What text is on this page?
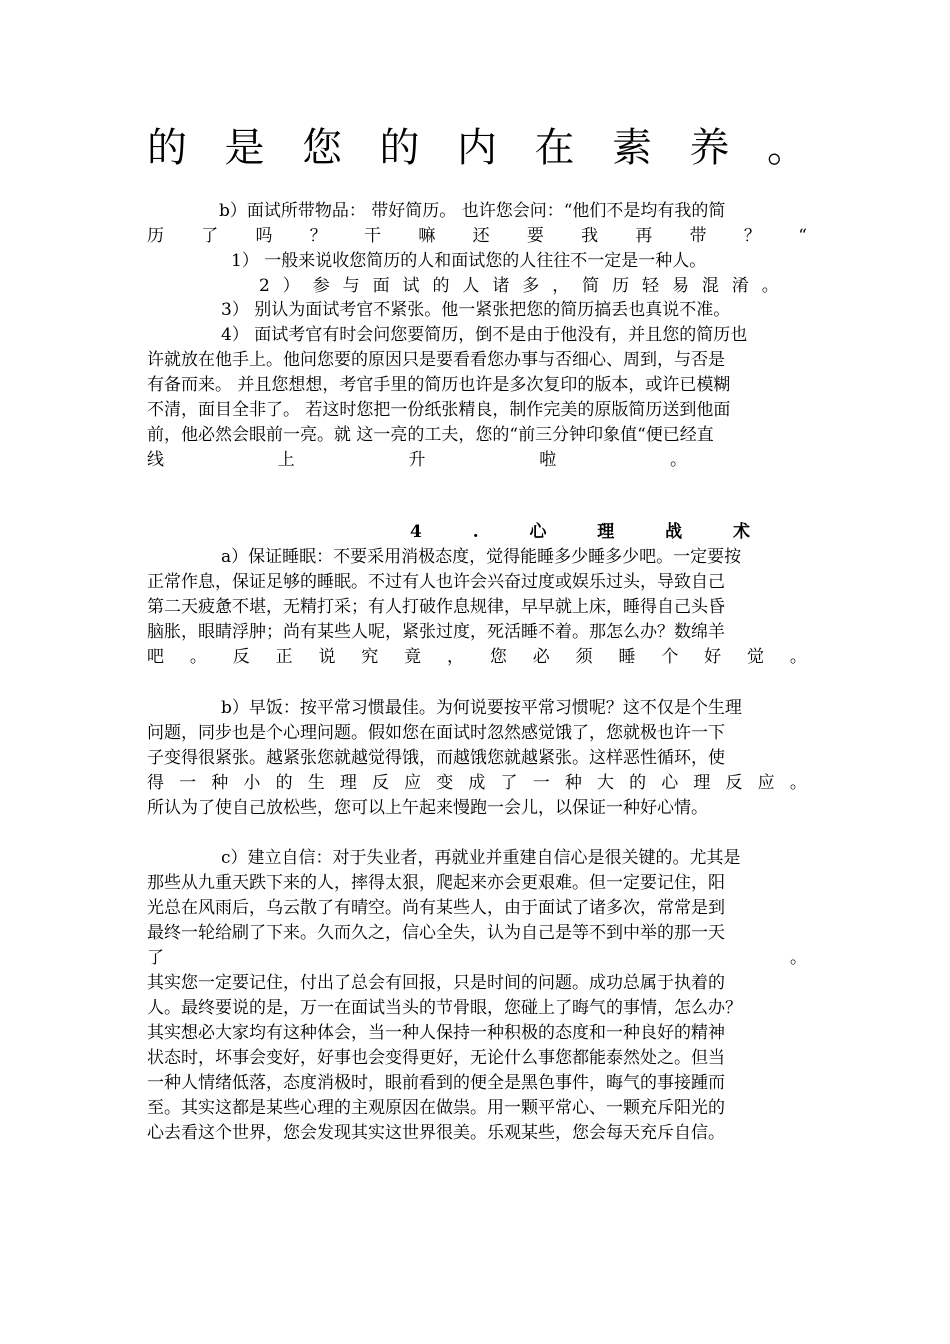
的 是 您 的 内 在 素 养 。
b）面试所带物品： 带好简历。 也许您会问：“他们不是均有我的简
历 了 吗 ？ 干 嘛 还 要 我 再 带 ？ “
1） 一般来说收您简历的人和面试您的人往往不一定是一种人。
2 ） 参 与 面 试 的 人 诸 多 ， 简 历 轻 易 混 淆 。
3） 别认为面试考官不紧张。他一紧张把您的简历搞丢也真说不准。
4） 面试考官有时会问您要简历，倒不是由于他没有，并且您的简历也
许就放在他手上。他问您要的原因只是要看看您办事与否细心、周到，与否是
有备而来。 并且您想想，考官手里的简历也许是多次复印的版本，或许已模糊
不清，面目全非了。 若这时您把一份纸张精良，制作完美的原版简历送到他面
前，他必然会眼前一亮。就 这一亮的工夫，您的“前三分钟印象值“便已经直
线	上	升	啦	。
4	.	心	理	战	术
a）保证睡眠：不要采用消极态度，觉得能睡多少睡多少吧。一定要按
正常作息，保证足够的睡眠。不过有人也许会兴奋过度或娱乐过头，导致自己
第二天疲惫不堪，无精打采；有人打破作息规律，早早就上床，睡得自己头昏
脑胀，眼睛浮肿；尚有某些人呢，紧张过度，死活睡不着。那怎么办？数绵羊
吧 。 反 正 说 究 竟 ， 您 必 须 睡 个 好 觉 。
b）早饭：按平常习惯最佳。为何说要按平常习惯呢？这不仅是个生理
问题，同步也是个心理问题。假如您在面试时忽然感觉饿了，您就极也许一下
子变得很紧张。越紧张您就越觉得饿，而越饿您就越紧张。这样恶性循环，使
得 一 种 小 的 生 理 反 应 变 成 了 一 种 大 的 心 理 反 应 。
所认为了使自己放松些，您可以上午起来慢跑一会儿，以保证一种好心情。
c）建立自信：对于失业者，再就业并重建自信心是很关键的。尤其是
那些从九重天跌下来的人，摔得太狠，爬起来亦会更艰难。但一定要记住，阳
光总在风雨后，乌云散了有晴空。尚有某些人，由于面试了诸多次，常常是到
最终一轮给刷了下来。久而久之，信心全失，认为自己是等不到中举的那一天
了	。
其实您一定要记住，付出了总会有回报，只是时间的问题。成功总属于执着的
人。最终要说的是，万一在面试当头的节骨眼，您碰上了晦气的事情，怎么办？
其实想必大家均有这种体会，当一种人保持一种积极的态度和一种良好的精神
状态时，坏事会变好，好事也会变得更好，无论什么事您都能泰然处之。但当
一种人情绪低落，态度消极时，眼前看到的便全是黑色事件，晦气的事接踵而
至。其实这都是某些心理的主观原因在做祟。用一颗平常心、一颗充斥阳光的
心去看这个世界，您会发现其实这世界很美。乐观某些，您会每天充斥自信。
